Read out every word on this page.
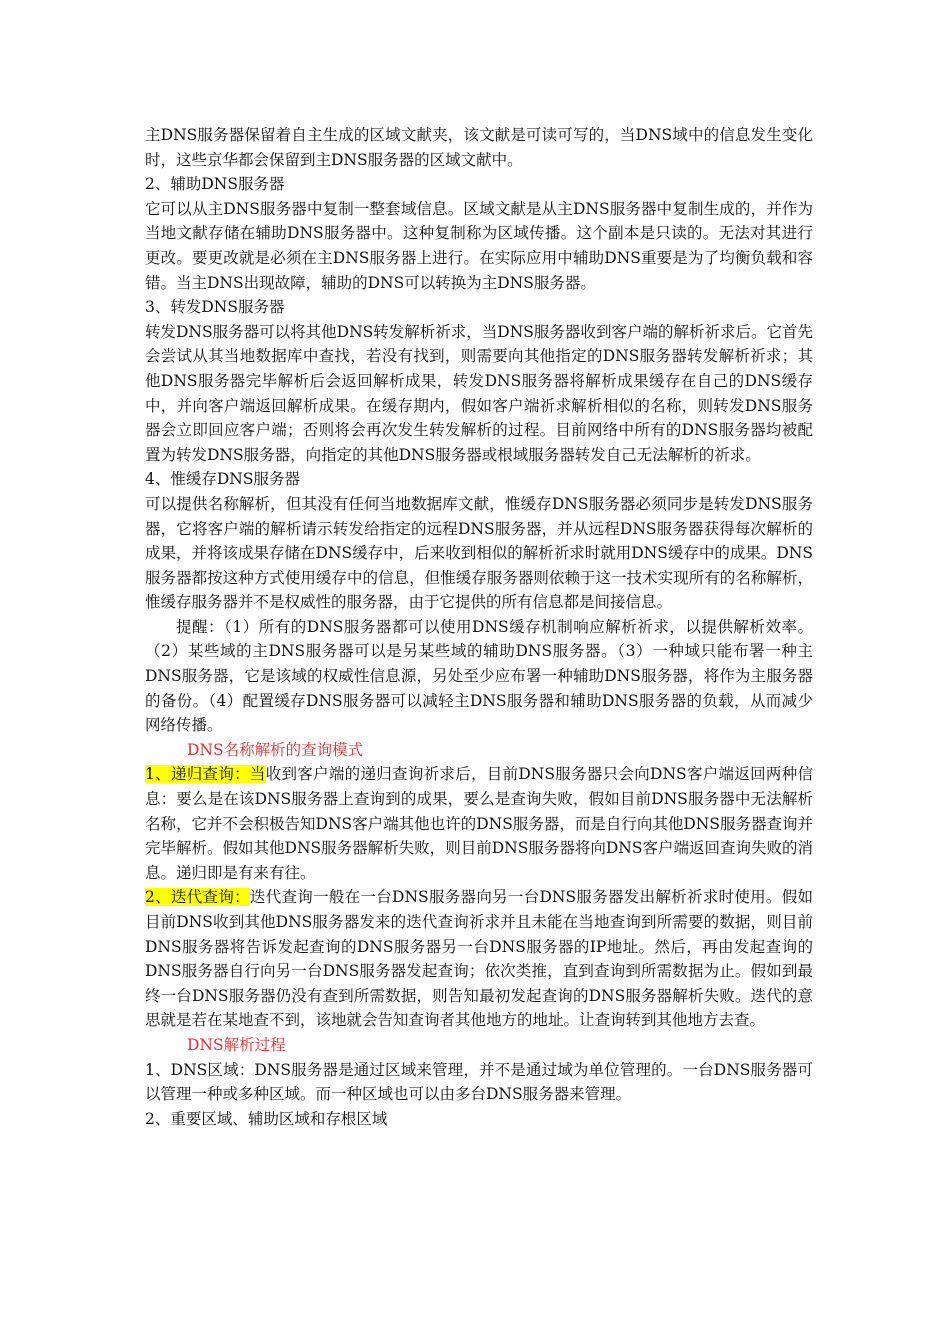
主DNS服务器保留着自主生成的区域文献夹，该文献是可读可写的，当DNS域中的信息发生变化时，这些京华都会保留到主DNS服务器的区域文献中。

2、辅助DNS服务器

它可以从主DNS服务器中复制一整套域信息。区域文献是从主DNS服务器中复制生成的，并作为当地文献存储在辅助DNS服务器中。这种复制称为区域传播。这个副本是只读的。无法对其进行更改。要更改就是必须在主DNS服务器上进行。在实际应用中辅助DNS重要是为了均衡负载和容错。当主DNS出现故障，辅助的DNS可以转换为主DNS服务器。

3、转发DNS服务器

转发DNS服务器可以将其他DNS转发解析祈求，当DNS服务器收到客户端的解析祈求后。它首先会尝试从其当地数据库中查找，若没有找到，则需要向其他指定的DNS服务器转发解析祈求；其他DNS服务器完毕解析后会返回解析成果，转发DNS服务器将解析成果缓存在自己的DNS缓存中，并向客户端返回解析成果。在缓存期内，假如客户端祈求解析相似的名称，则转发DNS服务器会立即回应客户端；否则将会再次发生转发解析的过程。目前网络中所有的DNS服务器均被配置为转发DNS服务器，向指定的其他DNS服务器或根域服务器转发自己无法解析的祈求。

4、惟缓存DNS服务器

可以提供名称解析，但其没有任何当地数据库文献，惟缓存DNS服务器必须同步是转发DNS服务器，它将客户端的解析请示转发给指定的远程DNS服务器，并从远程DNS服务器获得每次解析的成果，并将该成果存储在DNS缓存中，后来收到相似的解析祈求时就用DNS缓存中的成果。DNS服务器都按这种方式使用缓存中的信息，但惟缓存服务器则依赖于这一技术实现所有的名称解析，惟缓存服务器并不是权威性的服务器，由于它提供的所有信息都是间接信息。

提醒：（1）所有的DNS服务器都可以使用DNS缓存机制响应解析祈求，以提供解析效率。（2）某些域的主DNS服务器可以是另某些域的辅助DNS服务器。（3）一种域只能布署一种主DNS服务器，它是该域的权威性信息源，另处至少应布署一种辅助DNS服务器，将作为主服务器的备份。（4）配置缓存DNS服务器可以减轻主DNS服务器和辅助DNS服务器的负载，从而减少网络传播。

DNS名称解析的查询模式

1、递归查询：当收到客户端的递归查询祈求后，目前DNS服务器只会向DNS客户端返回两种信息：要么是在该DNS服务器上查询到的成果，要么是查询失败，假如目前DNS服务器中无法解析名称，它并不会积极告知DNS客户端其他也许的DNS服务器，而是自行向其他DNS服务器查询并完毕解析。假如其他DNS服务器解析失败，则目前DNS服务器将向DNS客户端返回查询失败的消息。递归即是有来有往。

2、迭代查询：迭代查询一般在一台DNS服务器向另一台DNS服务器发出解析祈求时使用。假如目前DNS收到其他DNS服务器发来的迭代查询祈求并且未能在当地查询到所需要的数据，则目前DNS服务器将告诉发起查询的DNS服务器另一台DNS服务器的IP地址。然后，再由发起查询的DNS服务器自行向另一台DNS服务器发起查询；依次类推，直到查询到所需数据为止。假如到最终一台DNS服务器仍没有查到所需数据，则告知最初发起查询的DNS服务器解析失败。迭代的意思就是若在某地查不到，该地就会告知查询者其他地方的地址。让查询转到其他地方去查。

DNS解析过程

1、DNS区域：DNS服务器是通过区域来管理，并不是通过域为单位管理的。一台DNS服务器可以管理一种或多种区域。而一种区域也可以由多台DNS服务器来管理。

2、重要区域、辅助区域和存根区域
